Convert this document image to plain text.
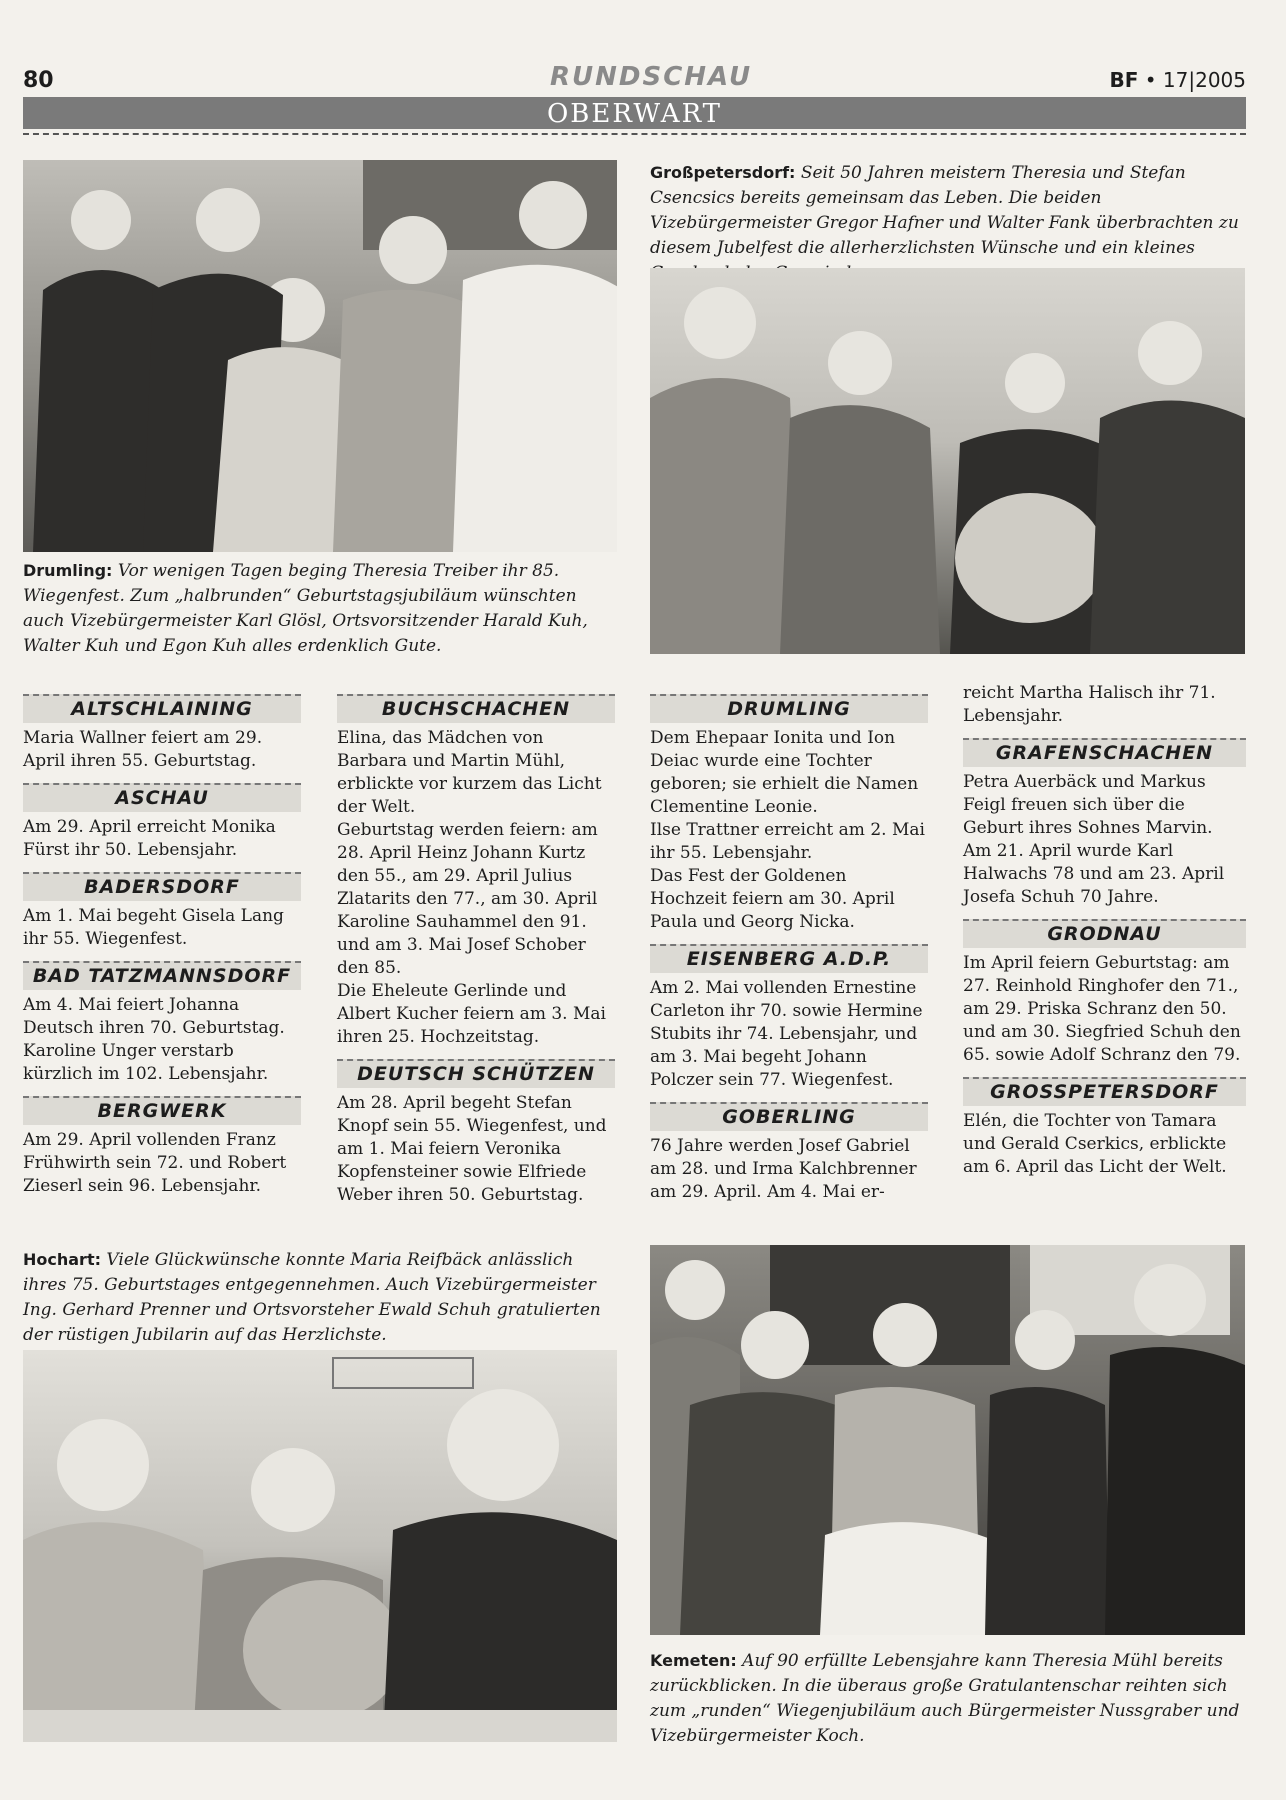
80	RUNDSCHAU	BF • 17|2005
OBERWART
Drumling: Vor wenigen Tagen beging Theresia Treiber ihr 85. Wiegenfest. Zum „halbrunden“ Geburtstagsjubiläum wünschten auch Vizebürgermeister Karl Glösl, Ortsvorsitzender Harald Kuh, Walter Kuh und Egon Kuh alles erdenklich Gute.
Großpetersdorf: Seit 50 Jahren meistern Theresia und Stefan Csencsics bereits gemeinsam das Leben. Die beiden Vizebürgermeister Gregor Hafner und Walter Fank überbrachten zu diesem Jubelfest die allerherzlichsten Wünsche und ein kleines
ALTSCHLAINING

Maria Wallner feiert am 29. April ihren 55. Geburtstag.

ASCHAU

Am 29. April erreicht Monika Fürst ihr 50. Lebensjahr.

BADERSDORF

Am 1. Mai begeht Gisela Lang ihr 55. Wiegenfest.

BAD TATZMANNSDORF

Am 4. Mai feiert Johanna Deutsch ihren 70. Geburtstag. Karoline Unger verstarb kürzlich im 102. Lebensjahr.

BERGWERK

Am 29. April vollenden Franz Frühwirth sein 72. und Robert Zieserl sein 96. Lebensjahr.

BUCHSCHACHEN

Elina, das Mädchen von Barbara und Martin Mühl, erblickte vor kurzem das Licht der Welt.

Geburtstag werden feiern: am 28. April Heinz Johann Kurtz den 55., am 29. April Julius Zlatarits den 77., am 30. April Karoline Sauhammel den 91. und am 3. Mai Josef Schober den 85.

Die Eheleute Gerlinde und Albert Kucher feiern am 3. Mai ihren 25. Hochzeitstag.

DEUTSCH SCHÜTZEN

Am 28. April begeht Stefan Knopf sein 55. Wiegenfest, und am 1. Mai feiern Veronika Kopfensteiner sowie Elfriede Weber ihren 50. Geburtstag.

DRUMLING

Dem Ehepaar Ionita und Ion Deiac wurde eine Tochter geboren; sie erhielt die Namen Clementine Leonie.

Ilse Trattner erreicht am 2. Mai ihr 55. Lebensjahr.

Das Fest der Goldenen Hochzeit feiern am 30. April Paula und Georg Nicka.

EISENBERG A.D.P.

Am 2. Mai vollenden Ernestine Carleton ihr 70. sowie Hermine Stubits ihr 74. Lebensjahr, und am 3. Mai begeht Johann Polczer sein 77. Wiegenfest.

GOBERLING

76 Jahre werden Josef Gabriel am 28. und Irma Kalchbrenner am 29. April. Am 4. Mai er-

reicht Martha Halisch ihr 71. Lebensjahr.

GRAFENSCHACHEN

Petra Auerbäck und Markus Feigl freuen sich über die Geburt ihres Sohnes Marvin.

Am 21. April wurde Karl Halwachs 78 und am 23. April Josefa Schuh 70 Jahre.

GRODNAU

Im April feiern Geburtstag: am 27. Reinhold Ringhofer den 71., am 29. Priska Schranz den 50. und am 30. Siegfried Schuh den 65. sowie Adolf Schranz den 79.

GROSSPETERSDORF

Elén, die Tochter von Tamara und Gerald Cserkics, erblickte am 6. April das Licht der Welt.

Hochart: Viele Glückwünsche konnte Maria Reifbäck anlässlich ihres 75. Geburtstages entgegennehmen. Auch Vizebürgermeister Ing. Gerhard Prenner und Ortsvorsteher Ewald Schuh gratulierten der rüstigen Jubilarin auf das Herzlichste.
Kemeten: Auf 90 erfüllte Lebensjahre kann Theresia Mühl bereits zurückblicken. In die überaus große Gratulantenschar reihten sich zum „runden“ Wiegenjubiläum auch Bürgermeister Nussgraber und Vizebürgermeister Koch.
